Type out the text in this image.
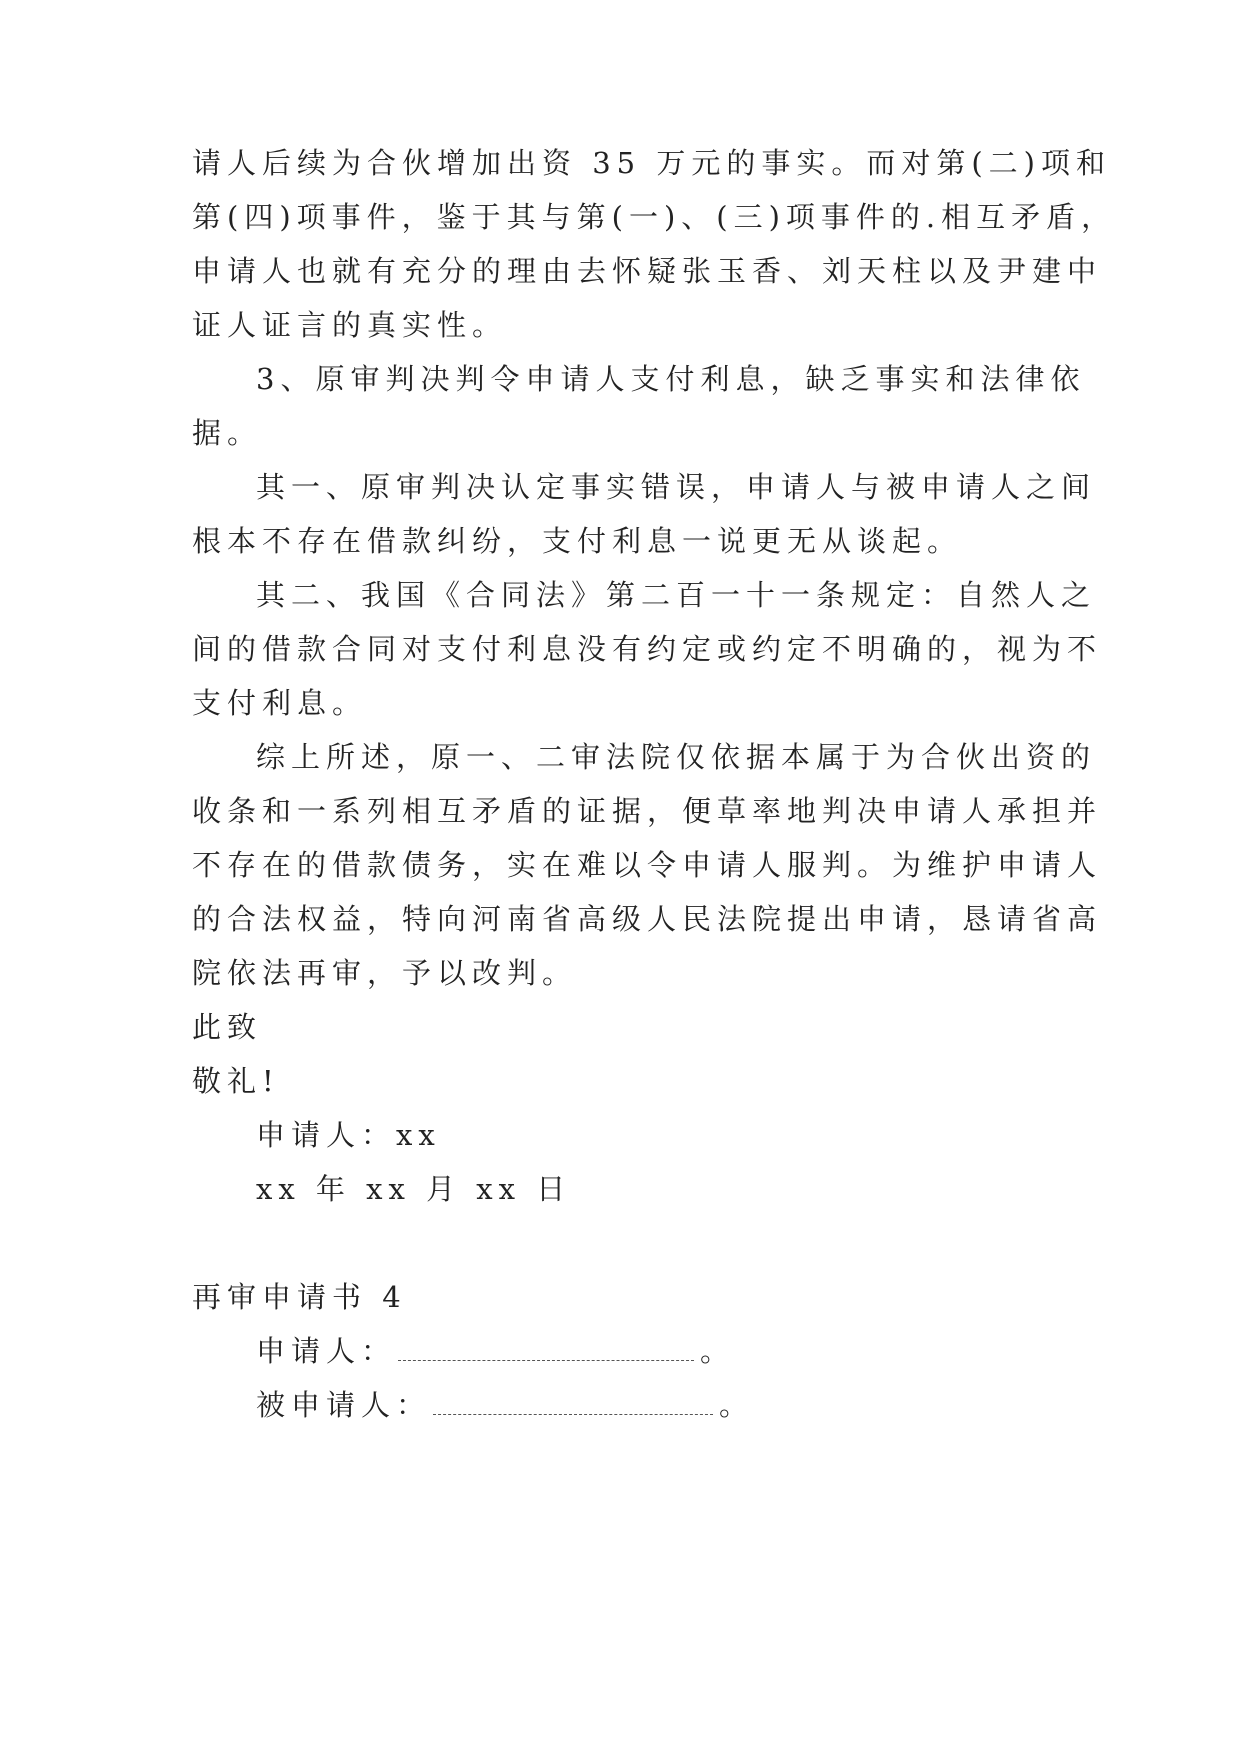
请人后续为合伙增加出资 35 万元的事实。而对第(二)项和
第(四)项事件，鉴于其与第(一)、(三)项事件的.相互矛盾，
申请人也就有充分的理由去怀疑张玉香、刘天柱以及尹建中
证人证言的真实性。
3、原审判决判令申请人支付利息，缺乏事实和法律依
据。
其一、原审判决认定事实错误，申请人与被申请人之间
根本不存在借款纠纷，支付利息一说更无从谈起。
其二、我国《合同法》第二百一十一条规定：自然人之
间的借款合同对支付利息没有约定或约定不明确的，视为不
支付利息。
综上所述，原一、二审法院仅依据本属于为合伙出资的
收条和一系列相互矛盾的证据，便草率地判决申请人承担并
不存在的借款债务，实在难以令申请人服判。为维护申请人
的合法权益，特向河南省高级人民法院提出申请，恳请省高
院依法再审，予以改判。
此致
敬礼!
申请人：xx
xx 年 xx 月 xx 日
再审申请书 4
申请人：	。
被申请人：	。
